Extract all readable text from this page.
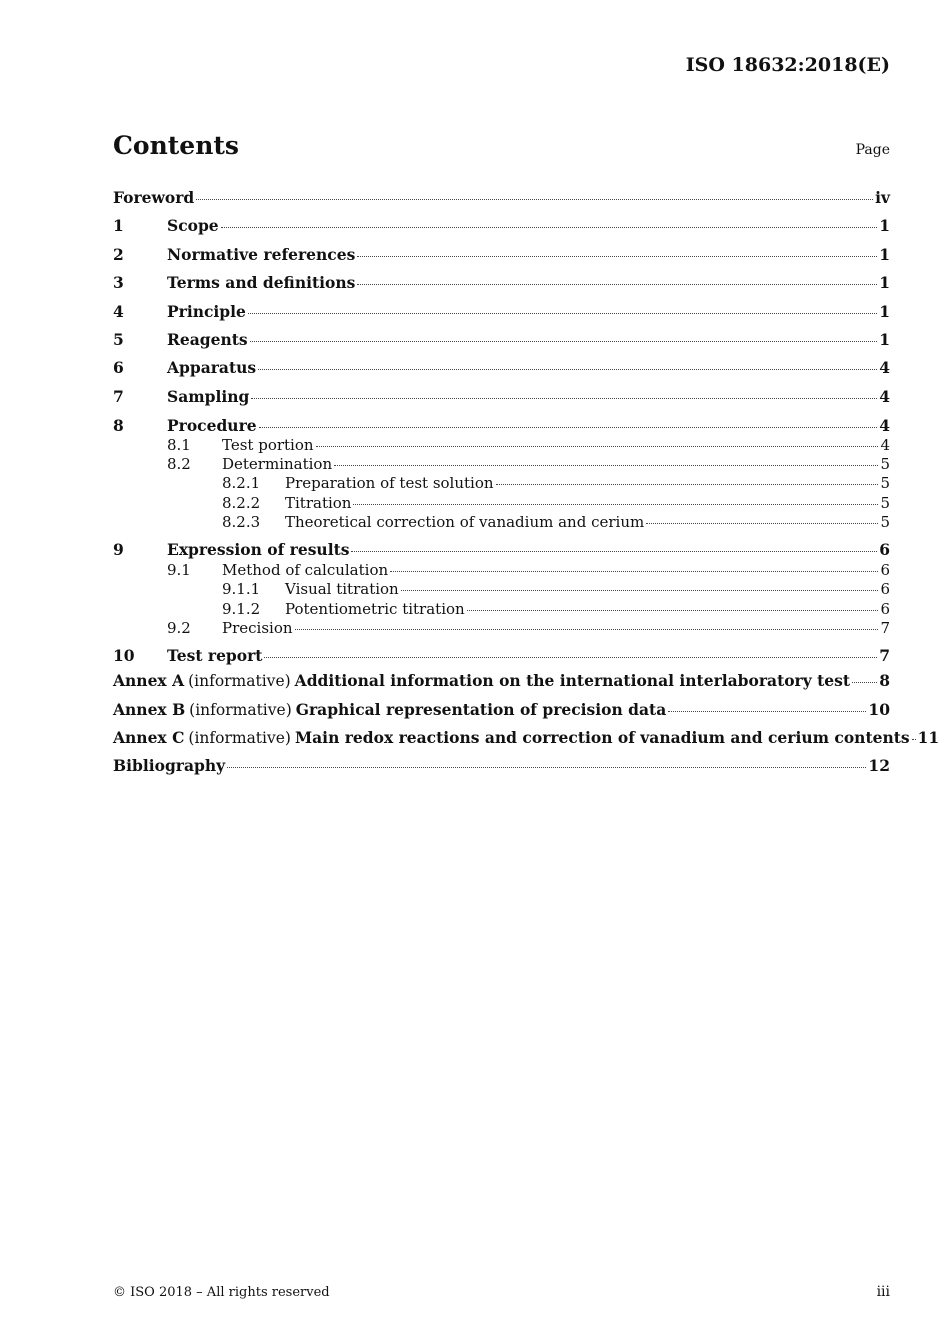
ISO 18632:2018(E)
Contents	Page
Foreword	iv
1	Scope	1
2	Normative references	1
3	Terms and definitions	1
4	Principle	1
5	Reagents	1
6	Apparatus	4
7	Sampling	4
8	Procedure	4
8.1	Test portion	4
8.2	Determination	5
8.2.1	Preparation of test solution	5
8.2.2	Titration	5
8.2.3	Theoretical correction of vanadium and cerium	5
9	Expression of results	6
9.1	Method of calculation	6
9.1.1	Visual titration	6
9.1.2	Potentiometric titration	6
9.2	Precision	7
10	Test report	7
Annex A (informative) Additional information on the international interlaboratory test 8
Annex B (informative) Graphical representation of precision data	10
Annex C (informative) Main redox reactions and correction of vanadium and cerium contents 11
Bibliography	12
© ISO 2018 – All rights reserved	iii
